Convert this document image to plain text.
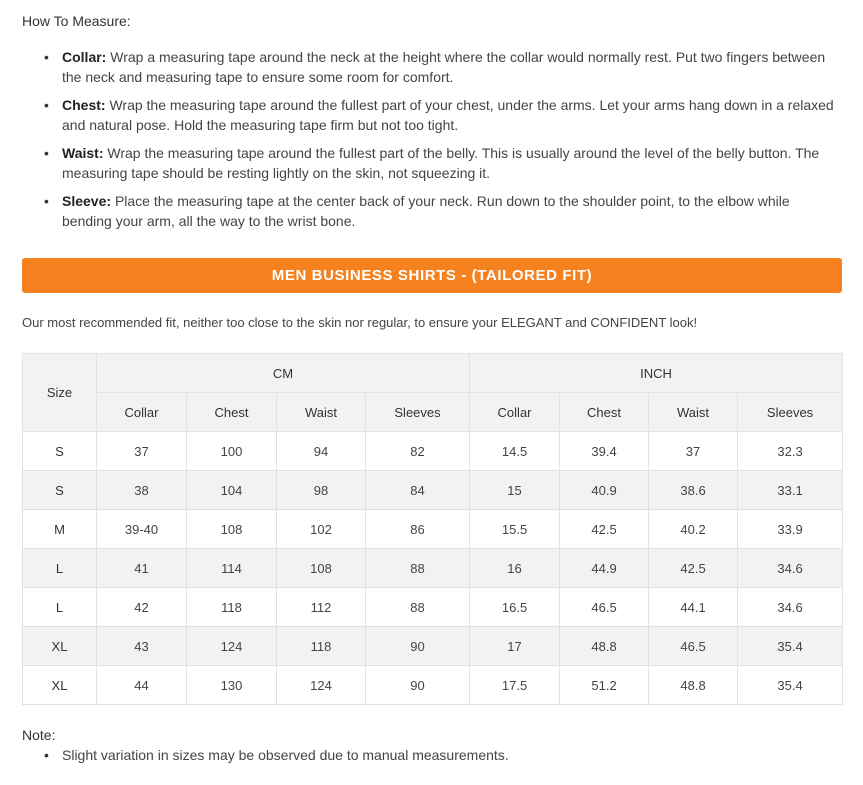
How To Measure:
• Collar: Wrap a measuring tape around the neck at the height where the collar would normally rest. Put two fingers between the neck and measuring tape to ensure some room for comfort.
• Chest: Wrap the measuring tape around the fullest part of your chest, under the arms. Let your arms hang down in a relaxed and natural pose. Hold the measuring tape firm but not too tight.
• Waist: Wrap the measuring tape around the fullest part of the belly. This is usually around the level of the belly button. The measuring tape should be resting lightly on the skin, not squeezing it.
• Sleeve: Place the measuring tape at the center back of your neck. Run down to the shoulder point, to the elbow while bending your arm, all the way to the wrist bone.
MEN BUSINESS SHIRTS - (TAILORED FIT)
Our most recommended fit, neither too close to the skin nor regular, to ensure your ELEGANT and CONFIDENT look!
Size	CM				INCH			
	Collar	Chest	Waist	Sleeves	Collar	Chest	Waist	Sleeves
S	37	100	94	82	14.5	39.4	37	32.3
S	38	104	98	84	15	40.9	38.6	33.1
M	39-40	108	102	86	15.5	42.5	40.2	33.9
L	41	114	108	88	16	44.9	42.5	34.6
L	42	118	112	88	16.5	46.5	44.1	34.6
XL	43	124	118	90	17	48.8	46.5	35.4
XL	44	130	124	90	17.5	51.2	48.8	35.4
Note:
• Slight variation in sizes may be observed due to manual measurements.
